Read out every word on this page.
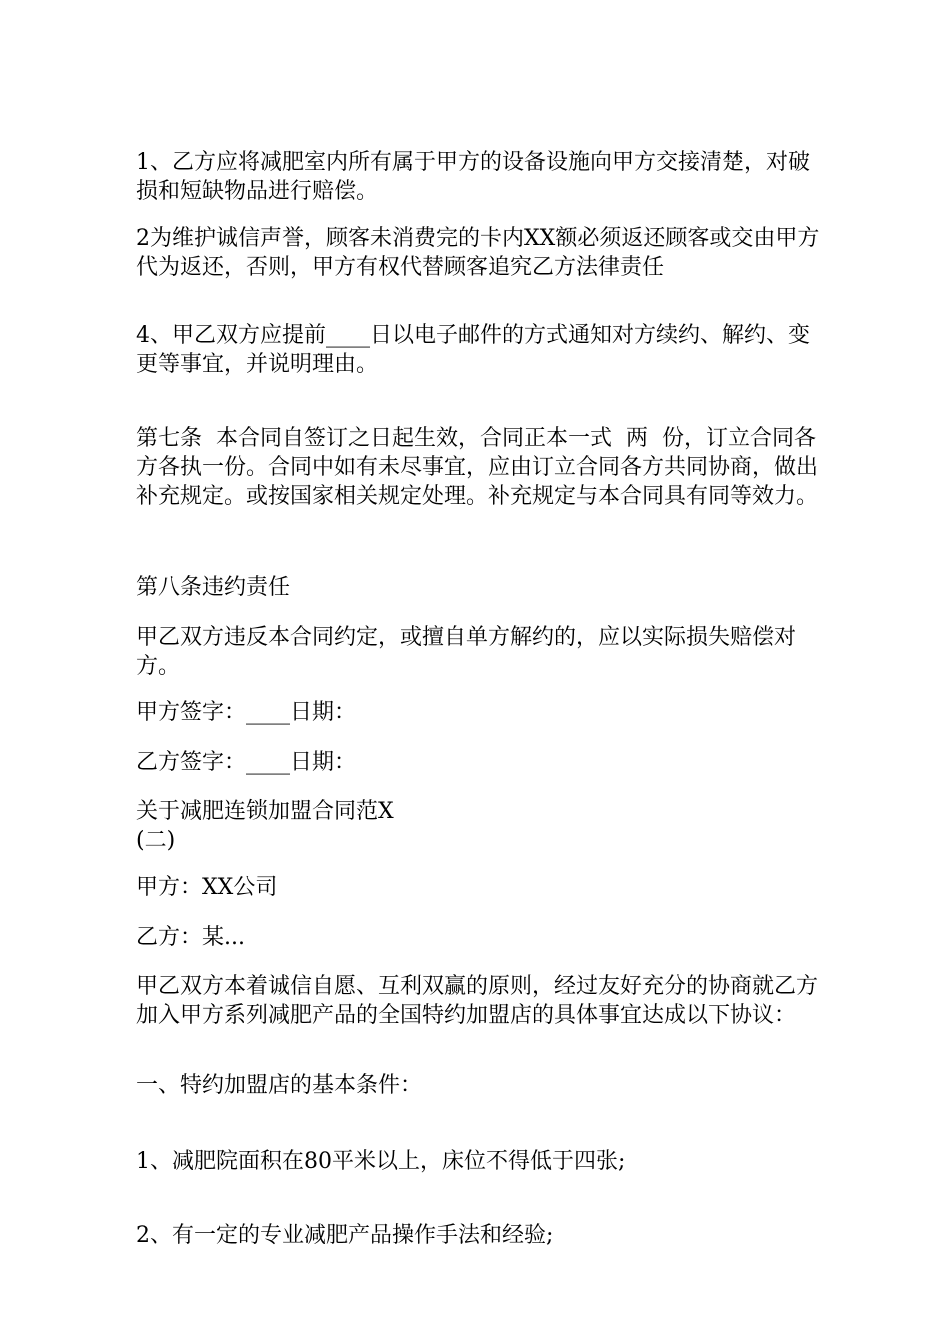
1、乙方应将减肥室内所有属于甲方的设备设施向甲方交接清楚，对破损和短缺物品进行赔偿。

2为维护诚信声誉，顾客未消费完的卡内XX额必须返还顾客或交由甲方代为返还，否则，甲方有权代替顾客追究乙方法律责任

4、甲乙双方应提前____日以电子邮件的方式通知对方续约、解约、变更等事宜，并说明理由。

第七条  本合同自签订之日起生效，合同正本一式  两  份，订立合同各方各执一份。合同中如有未尽事宜，应由订立合同各方共同协商，做出补充规定。或按国家相关规定处理。补充规定与本合同具有同等效力。

第八条违约责任

甲乙双方违反本合同约定，或擅自单方解约的，应以实际损失赔偿对方。

甲方签字：____日期：

乙方签字：____日期：

关于减肥连锁加盟合同范X
(二)

甲方：XX公司

乙方：某...

甲乙双方本着诚信自愿、互利双赢的原则，经过友好充分的协商就乙方加入甲方系列减肥产品的全国特约加盟店的具体事宜达成以下协议：

一、特约加盟店的基本条件：

1、减肥院面积在80平米以上，床位不得低于四张;

2、有一定的专业减肥产品操作手法和经验;
